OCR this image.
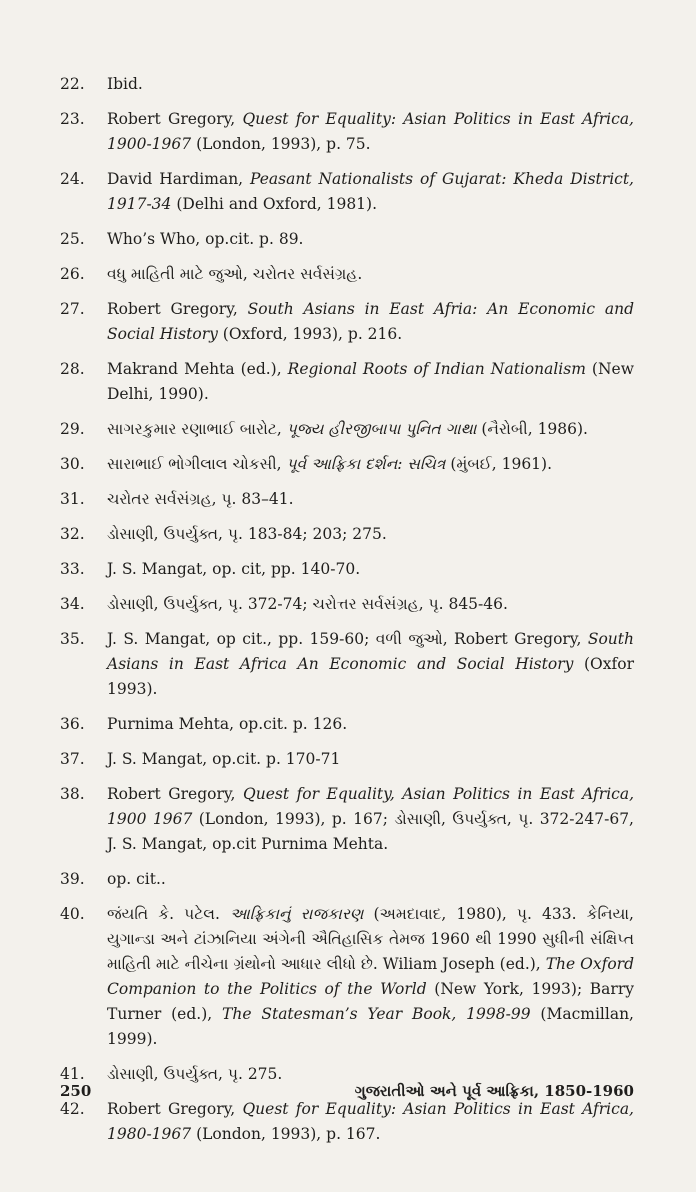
22.	Ibid.
23.	Robert Gregory, Quest for Equality: Asian Politics in East Africa, 1900-1967 (London, 1993), p. 75.
24.	David Hardiman, Peasant Nationalists of Gujarat: Kheda District, 1917-34 (Delhi and Oxford, 1981).
25.	Who’s Who, op.cit. p. 89.
26.	વધુ માહિતી માટે જુઓ, ચરોતર સર્વસંગ્રહ.
27.	Robert Gregory, South Asians in East Afria: An Economic and Social History (Oxford, 1993), p. 216.
28.	Makrand Mehta (ed.), Regional Roots of Indian Nationalism (New Delhi, 1990).
29.	સાગરકુમાર રણાભાઈ બારોટ, પૂજ્ય હીરજીબાપા પુનિત ગાથા (નૈરોબી, 1986).
30.	સારાભાઈ ભોગીલાલ ચોકસી, પૂર્વ આફ્રિકા દર્શન: સચિત્ર (મુંબઈ, 1961).
31.	ચરોતર સર્વસંગ્રહ, પૃ. 83–41.
32.	ડોસાણી, ઉપર્યુક્ત, પૃ. 183-84; 203; 275.
33.	J. S. Mangat, op. cit, pp. 140-70.
34.	ડોસાણી, ઉપર્યુક્ત, પૃ. 372-74; ચરોત્તર સર્વસંગ્રહ, પૃ. 845-46.
35.	J. S. Mangat, op cit., pp. 159-60; વળી જુઓ, Robert Gregory, South Asians in East Africa An Economic and Social History (Oxfor 1993).
36.	Purnima Mehta, op.cit. p. 126.
37.	J. S. Mangat, op.cit. p. 170-71
38.	Robert Gregory, Quest for Equality, Asian Politics in East Africa, 1900 1967 (London, 1993), p. 167; ડોસાણી, ઉપર્યુક્ત, પૃ. 372-247-67, J. S. Mangat, op.cit Purnima Mehta.
39.	op. cit..
40.	જંયતિ કે. પટેલ. આફ્રિકાનું રાજકારણ (અમદાવાદ, 1980), પૃ. 433. કેનિયા, યુગાન્ડા અને ટાંઝાનિયા અંગેની ઐતિહાસિક તેમજ 1960 થી 1990 સુધીની સંક્ષિપ્ત માહિતી માટે નીચેના ગ્રંથોનો આધાર લીધો છે. Wiliam Joseph (ed.), The Oxford Companion to the Politics of the World (New York, 1993); Barry Turner (ed.), The Statesman’s Year Book, 1998-99 (Macmillan, 1999).
41.	ડોસાણી, ઉપર્યુક્ત, પૃ. 275.
42.	Robert Gregory, Quest for Equality: Asian Politics in East Africa, 1980-1967 (London, 1993), p. 167.
250	ગુજરાતીઓ અને પૂર્વ આફ્રિકા, 1850-1960
